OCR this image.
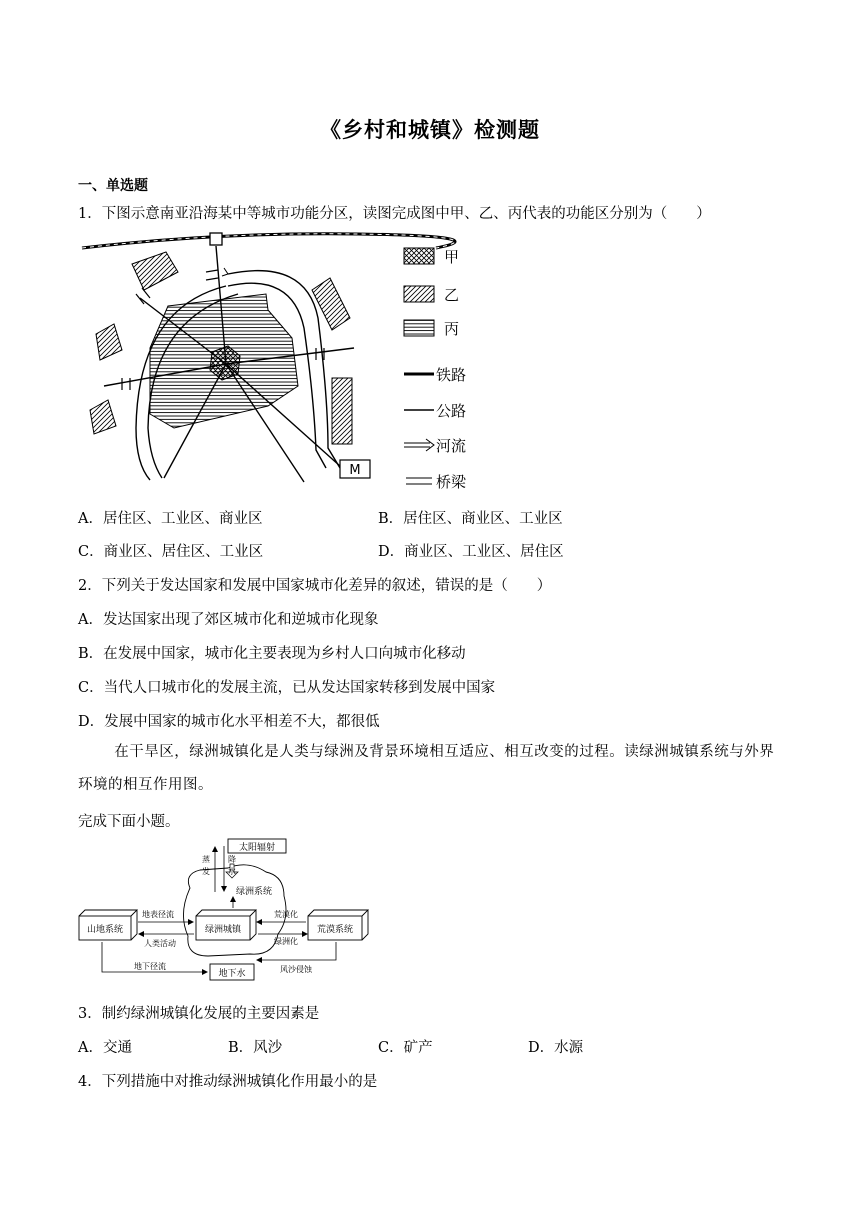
《乡村和城镇》检测题
一、单选题
1．下图示意南亚沿海某中等城市功能分区，读图完成图中甲、乙、丙代表的功能区分别为（　　）
M
甲
乙
丙
铁路
公路
河流
桥梁
A．居住区、工业区、商业区	B．居住区、商业区、工业区
C．商业区、居住区、工业区	D．商业区、工业区、居住区
2．下列关于发达国家和发展中国家城市化差异的叙述，错误的是（　　）
A．发达国家出现了郊区城市化和逆城市化现象
B．在发展中国家，城市化主要表现为乡村人口向城市化移动
C．当代人口城市化的发展主流，已从发达国家转移到发展中国家
D．发展中国家的城市化水平相差不大，都很低
在干旱区，绿洲城镇化是人类与绿洲及背景环境相互适应、相互改变的过程。读绿洲城镇系统与外界环境的相互作用图。
完成下面小题。
太阳辐射
蒸
发
降
水
绿洲系统
绿洲城镇
山地系统	荒漠系统
地表径流
人类活动
荒漠化
绿洲化
地下水
地下径流	风沙侵蚀
3．制约绿洲城镇化发展的主要因素是
A．交通	B．风沙	C．矿产	D．水源
4．下列措施中对推动绿洲城镇化作用最小的是
